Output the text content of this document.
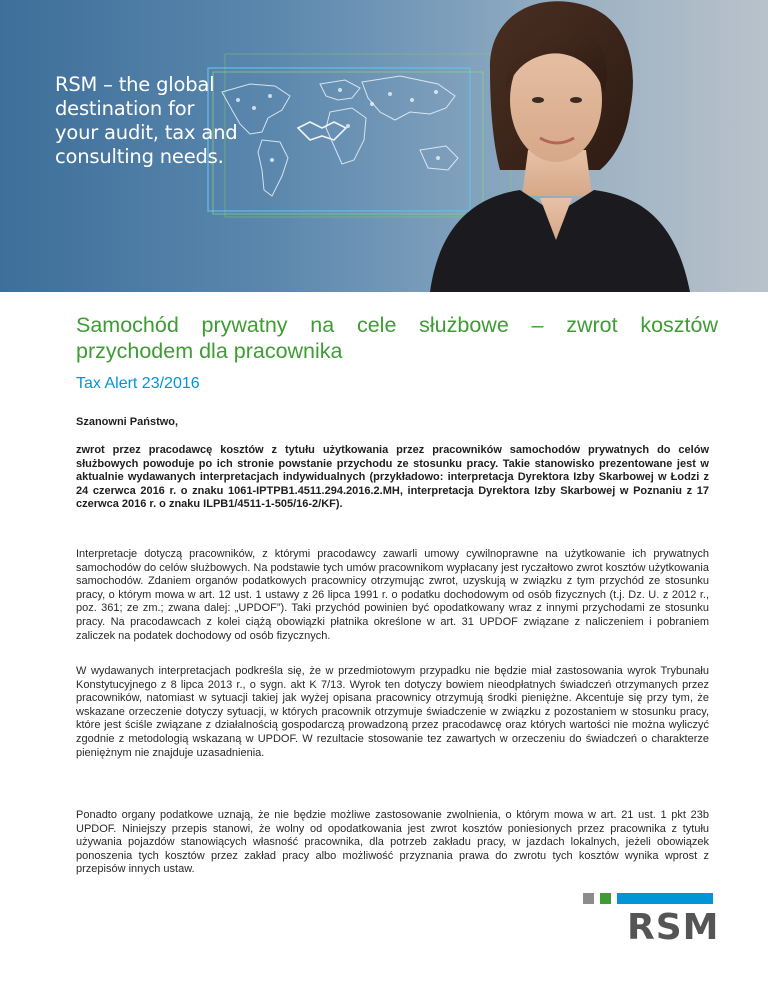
RSM – the global
destination for
your audit, tax and
consulting needs.
Samochód prywatny na cele służbowe – zwrot kosztów przychodem dla pracownika
Tax Alert 23/2016
Szanowni Państwo,

zwrot przez pracodawcę kosztów z tytułu użytkowania przez pracowników samochodów prywatnych do celów służbowych powoduje po ich stronie powstanie przychodu ze stosunku pracy. Takie stanowisko prezentowane jest w aktualnie wydawanych interpretacjach indywidualnych (przykładowo: interpretacja Dyrektora Izby Skarbowej w Łodzi z 24 czerwca 2016 r. o znaku 1061-IPTPB1.4511.294.2016.2.MH, interpretacja Dyrektora Izby Skarbowej w Poznaniu z 17 czerwca 2016 r. o znaku ILPB1/4511-1-505/16-2/KF).

Interpretacje dotyczą pracowników, z którymi pracodawcy zawarli umowy cywilnoprawne na użytkowanie ich prywatnych samochodów do celów służbowych. Na podstawie tych umów pracownikom wypłacany jest ryczałtowo zwrot kosztów użytkowania samochodów. Zdaniem organów podatkowych pracownicy otrzymując zwrot, uzyskują w związku z tym przychód ze stosunku pracy, o którym mowa w art. 12 ust. 1 ustawy z 26 lipca 1991 r. o podatku dochodowym od osób fizycznych (t.j. Dz. U. z 2012 r., poz. 361; ze zm.; zwana dalej: „UPDOF”). Taki przychód powinien być opodatkowany wraz z innymi przychodami ze stosunku pracy. Na pracodawcach z kolei ciążą obowiązki płatnika określone w art. 31 UPDOF związane z naliczeniem i pobraniem zaliczek na podatek dochodowy od osób fizycznych.

W wydawanych interpretacjach podkreśla się, że w przedmiotowym przypadku nie będzie miał zastosowania wyrok Trybunału Konstytucyjnego z 8 lipca 2013 r., o sygn. akt K 7/13. Wyrok ten dotyczy bowiem nieodpłatnych świadczeń otrzymanych przez pracowników, natomiast w sytuacji takiej jak wyżej opisana pracownicy otrzymują środki pieniężne. Akcentuje się przy tym, że wskazane orzeczenie dotyczy sytuacji, w których pracownik otrzymuje świadczenie w związku z pozostaniem w stosunku pracy, które jest ściśle związane z działalnością gospodarczą prowadzoną przez pracodawcę oraz których wartości nie można wyliczyć zgodnie z metodologią wskazaną w UPDOF. W rezultacie stosowanie tez zawartych w orzeczeniu do świadczeń o charakterze pieniężnym nie znajduje uzasadnienia.

Ponadto organy podatkowe uznają, że nie będzie możliwe zastosowanie zwolnienia, o którym mowa w art. 21 ust. 1 pkt 23b UPDOF. Niniejszy przepis stanowi, że wolny od opodatkowania jest zwrot kosztów poniesionych przez pracownika z tytułu używania pojazdów stanowiących własność pracownika, dla potrzeb zakładu pracy, w jazdach lokalnych, jeżeli obowiązek ponoszenia tych kosztów przez zakład pracy albo możliwość przyznania prawa do zwrotu tych kosztów wynika wprost z przepisów innych ustaw.

RSM
